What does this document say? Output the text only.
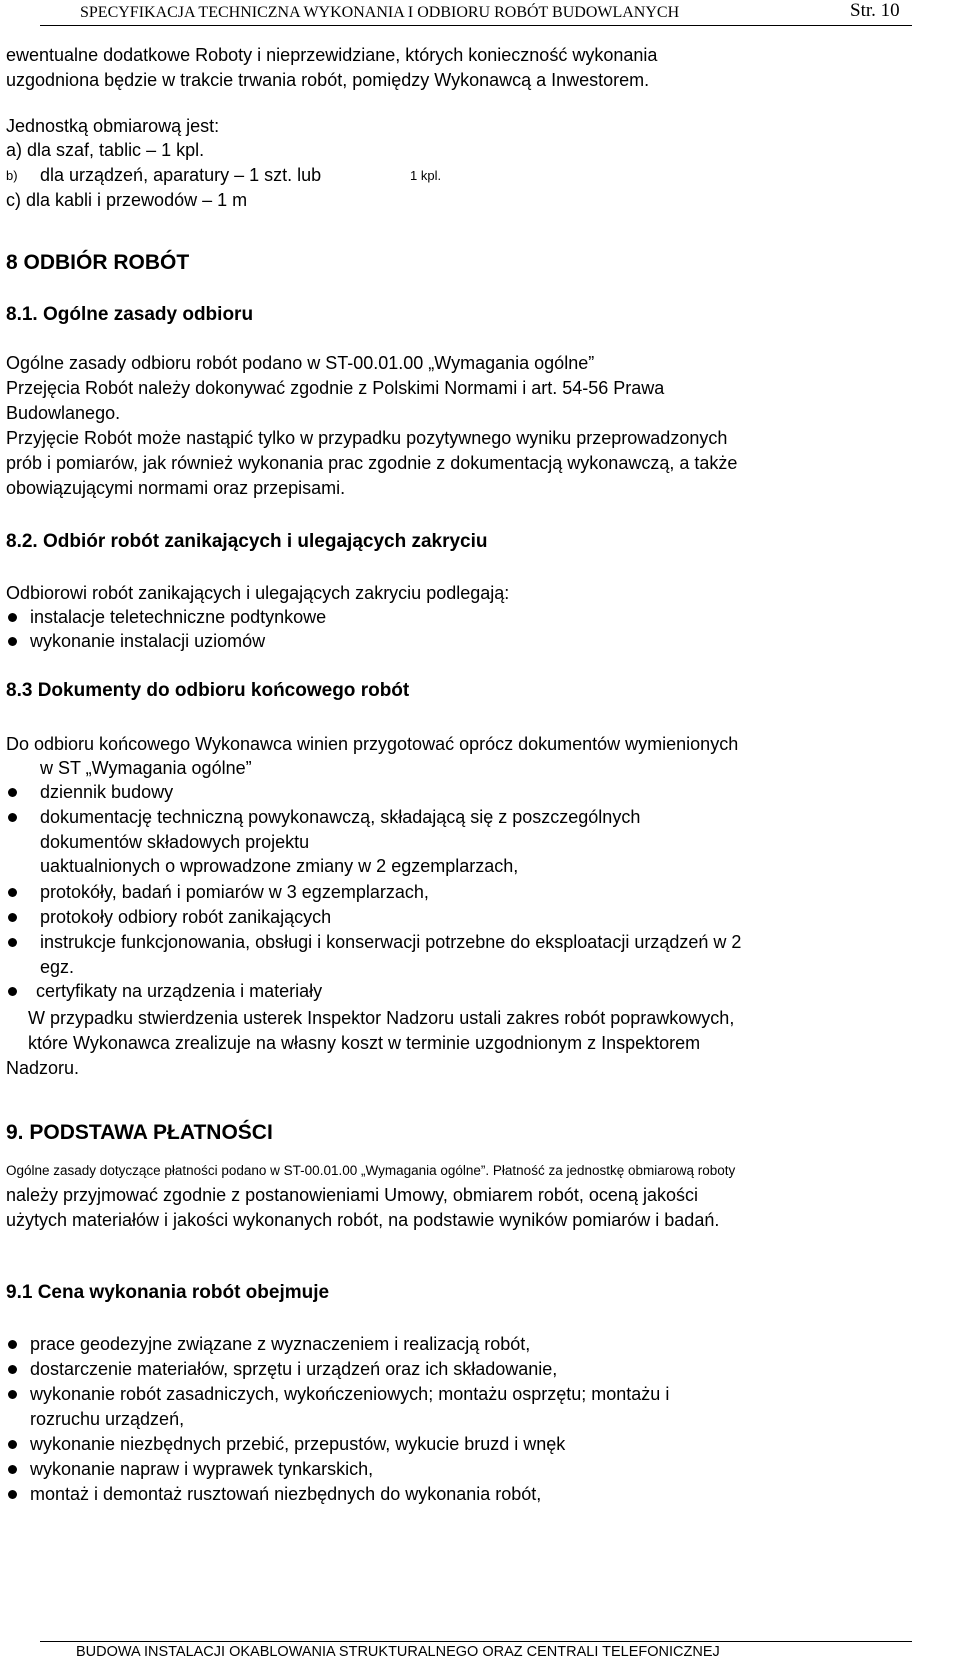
SPECYFIKACJA TECHNICZNA WYKONANIA I ODBIORU ROBÓT BUDOWLANYCH	Str. 10
ewentualne dodatkowe Roboty i nieprzewidziane, których konieczność wykonania
uzgodniona będzie w trakcie trwania robót, pomiędzy Wykonawcą a Inwestorem.
Jednostką obmiarową jest:
a) dla szaf, tablic – 1 kpl.
b) dla urządzeń, aparatury – 1 szt. lub	1 kpl.
c) dla kabli i przewodów – 1 m
8 ODBIÓR ROBÓT
8.1. Ogólne zasady odbioru
Ogólne zasady odbioru robót podano w ST-00.01.00 „Wymagania ogólne”
Przejęcia Robót należy dokonywać zgodnie z Polskimi Normami i art. 54-56 Prawa
Budowlanego.
Przyjęcie Robót może nastąpić tylko w przypadku pozytywnego wyniku przeprowadzonych
prób i pomiarów, jak również wykonania prac zgodnie z dokumentacją wykonawczą, a także
obowiązującymi normami oraz przepisami.
8.2. Odbiór robót zanikających i ulegających zakryciu
Odbiorowi robót zanikających i ulegających zakryciu podlegają:
instalacje teletechniczne podtynkowe
wykonanie instalacji uziomów
8.3 Dokumenty do odbioru końcowego robót
Do odbioru końcowego Wykonawca winien przygotować oprócz dokumentów wymienionych
w ST „Wymagania ogólne”
dziennik budowy
dokumentację techniczną powykonawczą, składającą się z poszczególnych
dokumentów składowych projektu
uaktualnionych o wprowadzone zmiany w 2 egzemplarzach,
protokóły, badań i pomiarów w 3 egzemplarzach,
protokoły odbiory robót zanikających
instrukcje funkcjonowania, obsługi i konserwacji potrzebne do eksploatacji urządzeń w 2
egz.
certyfikaty na urządzenia i materiały
W przypadku stwierdzenia usterek Inspektor Nadzoru ustali zakres robót poprawkowych,
które Wykonawca zrealizuje na własny koszt w terminie uzgodnionym z Inspektorem
Nadzoru.
9. PODSTAWA PŁATNOŚCI
Ogólne zasady dotyczące płatności podano w ST-00.01.00 „Wymagania ogólne”. Płatność za jednostkę obmiarową roboty
należy przyjmować zgodnie z postanowieniami Umowy, obmiarem robót, oceną jakości
użytych materiałów i jakości wykonanych robót, na podstawie wyników pomiarów i badań.
9.1 Cena wykonania robót obejmuje
prace geodezyjne związane z wyznaczeniem i realizacją robót,
dostarczenie materiałów, sprzętu i urządzeń oraz ich składowanie,
wykonanie robót zasadniczych, wykończeniowych; montażu osprzętu; montażu i
rozruchu urządzeń,
wykonanie niezbędnych przebić, przepustów, wykucie bruzd i wnęk
wykonanie napraw i wyprawek tynkarskich,
montaż i demontaż rusztowań niezbędnych do wykonania robót,
BUDOWA INSTALACJI OKABLOWANIA STRUKTURALNEGO ORAZ CENTRALI TELEFONICZNEJ
